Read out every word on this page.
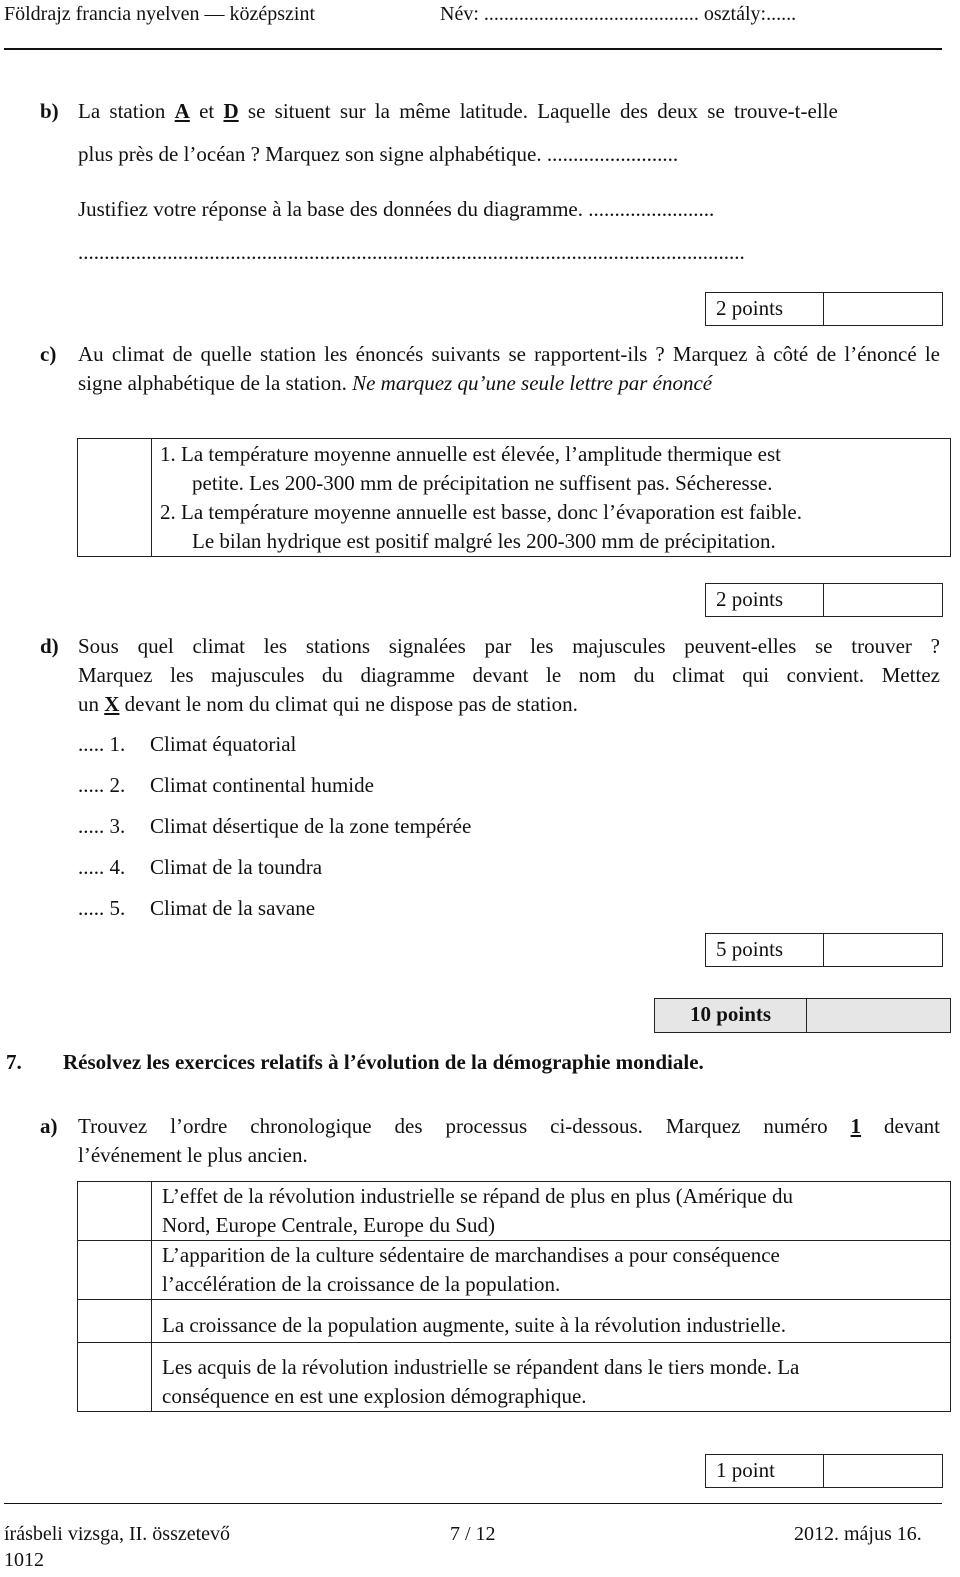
Földrajz francia nyelven — középszint	Név: ........................................... osztály:......
b) La station A et D se situent sur la même latitude. Laquelle des deux se trouve-t-elle
plus près de l’océan ? Marquez son signe alphabétique. .........................
Justifiez votre réponse à la base des données du diagramme. ........................
...............................................................................................................................
2 points
c) Au climat de quelle station les énoncés suivants se rapportent-ils ? Marquez à côté de l’énoncé le signe alphabétique de la station. Ne marquez qu’une seule lettre par énoncé

1. La température moyenne annuelle est élevée, l’amplitude thermique est
petite. Les 200-300 mm de précipitation ne suffisent pas. Sécheresse.
2. La température moyenne annuelle est basse, donc l’évaporation est faible.
Le bilan hydrique est positif malgré les 200-300 mm de précipitation.
2 points
d) Sous quel climat les stations signalées par les majuscules peuvent-elles se trouver ?
Marquez les majuscules du diagramme devant le nom du climat qui convient. Mettez
un X devant le nom du climat qui ne dispose pas de station.
..... 1. Climat équatorial
..... 2. Climat continental humide
..... 3. Climat désertique de la zone tempérée
..... 4. Climat de la toundra
..... 5. Climat de la savane
5 points
10 points
7. Résolvez les exercices relatifs à l’évolution de la démographie mondiale.
a) Trouvez l’ordre chronologique des processus ci-dessous. Marquez numéro 1 devant
l’événement le plus ancien.

	L’effet de la révolution industrielle se répand de plus en plus (Amérique du
Nord, Europe Centrale, Europe du Sud)

	L’apparition de la culture sédentaire de marchandises a pour conséquence
l’accélération de la croissance de la population.

	La croissance de la population augmente, suite à la révolution industrielle.

	Les acquis de la révolution industrielle se répandent dans le tiers monde. La
conséquence en est une explosion démographique.
1 point
írásbeli vizsga, II. összetevő
1012
7 / 12	2012. május 16.
